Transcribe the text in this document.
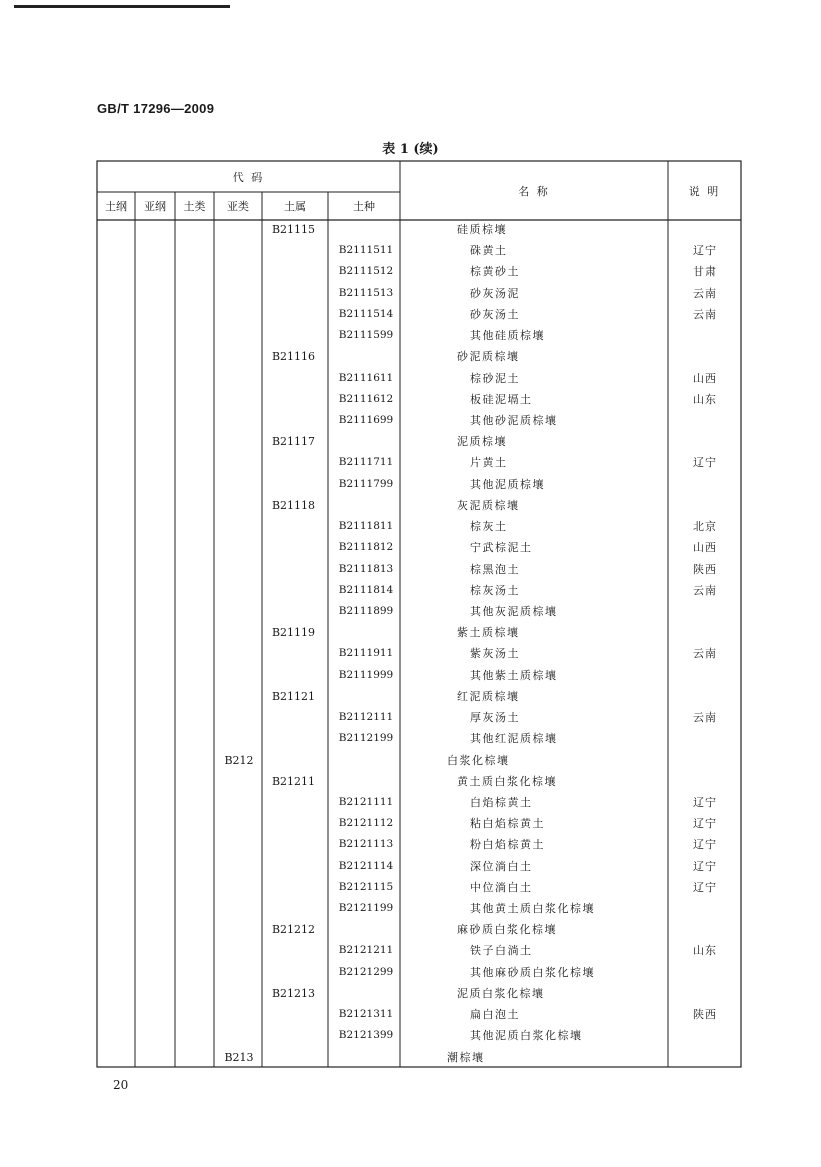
GB/T 17296—2009
表 1 (续)
代 码
土纲	亚纲	土类	亚类	土属	土种
名 称	说 明
B21115	硅质棕壤
B2111511	硃黄土	辽宁
B2111512	棕黄砂土	甘肃
B2111513	砂灰汤泥	云南
B2111514	砂灰汤土	云南
B2111599	其他硅质棕壤
B21116	砂泥质棕壤
B2111611	棕砂泥土	山西
B2111612	板硅泥塥土	山东
B2111699	其他砂泥质棕壤
B21117	泥质棕壤
B2111711	片黄土	辽宁
B2111799	其他泥质棕壤
B21118	灰泥质棕壤
B2111811	棕灰土	北京
B2111812	宁武棕泥土	山西
B2111813	棕黑泡土	陕西
B2111814	棕灰汤土	云南
B2111899	其他灰泥质棕壤
B21119	紫土质棕壤
B2111911	紫灰汤土	云南
B2111999	其他紫土质棕壤
B21121	红泥质棕壤
B2112111	厚灰汤土	云南
B2112199	其他红泥质棕壤
B212	白浆化棕壤
B21211	黄土质白浆化棕壤
B2121111	白焰棕黄土	辽宁
B2121112	粘白焰棕黄土	辽宁
B2121113	粉白焰棕黄土	辽宁
B2121114	深位淌白土	辽宁
B2121115	中位淌白土	辽宁
B2121199	其他黄土质白浆化棕壤
B21212	麻砂质白浆化棕壤
B2121211	铁子白淌土	山东
B2121299	其他麻砂质白浆化棕壤
B21213	泥质白浆化棕壤
B2121311	扁白泡土	陕西
B2121399	其他泥质白浆化棕壤
B213	潮棕壤
20
